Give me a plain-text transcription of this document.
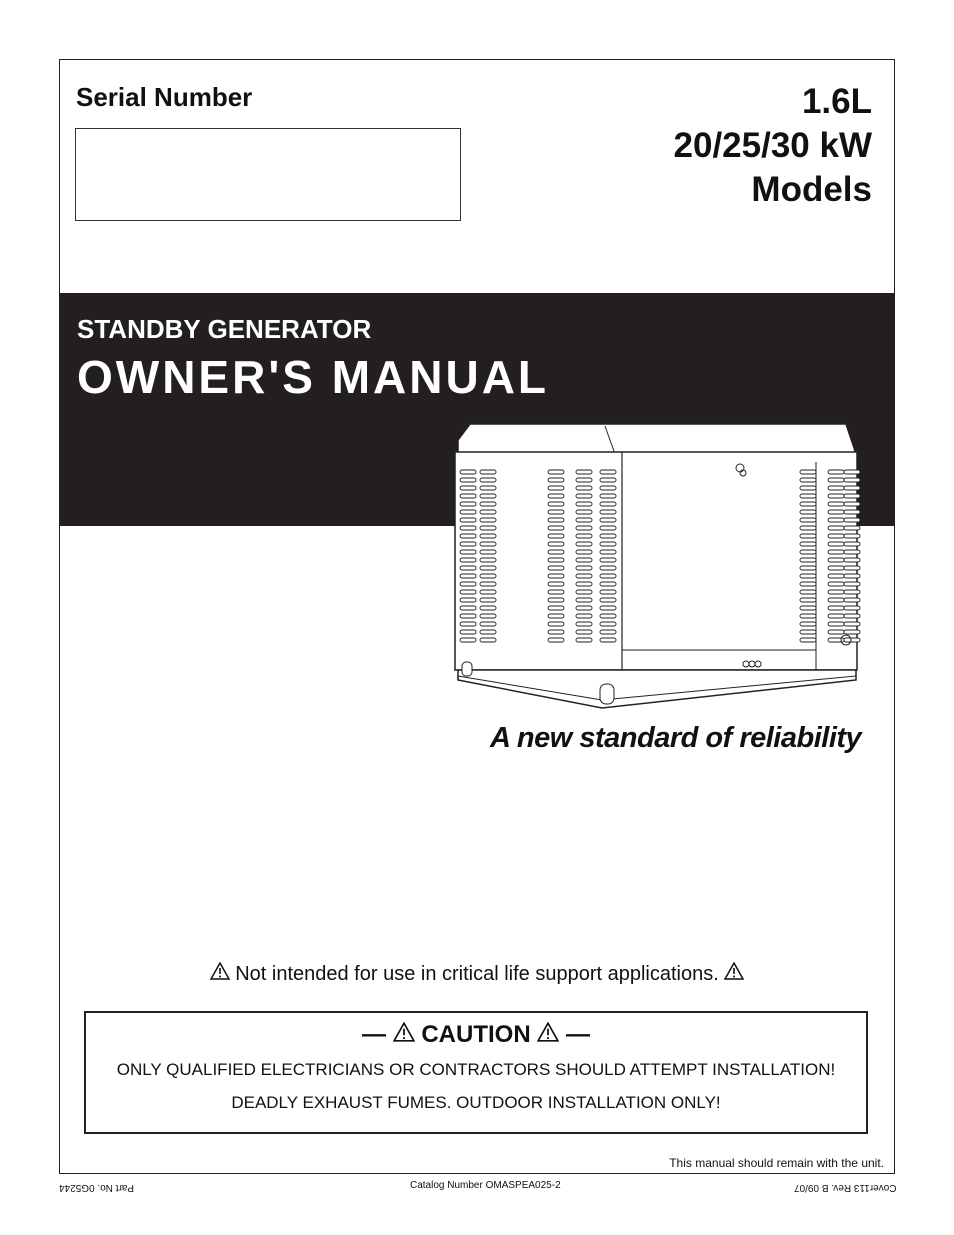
Serial Number	1.6L
20/25/30 kW
Models
STANDBY GENERATOR
OWNER'S MANUAL
A new standard of reliability
Not intended for use in critical life support applications.
— CAUTION —
ONLY QUALIFIED ELECTRICIANS OR CONTRACTORS SHOULD ATTEMPT INSTALLATION!
DEADLY EXHAUST FUMES. OUTDOOR INSTALLATION ONLY!
This manual should remain with the unit.
Catalog Number OMASPEA025-2
Part No. 0G5244	Cover113 Rev. B 09/07
